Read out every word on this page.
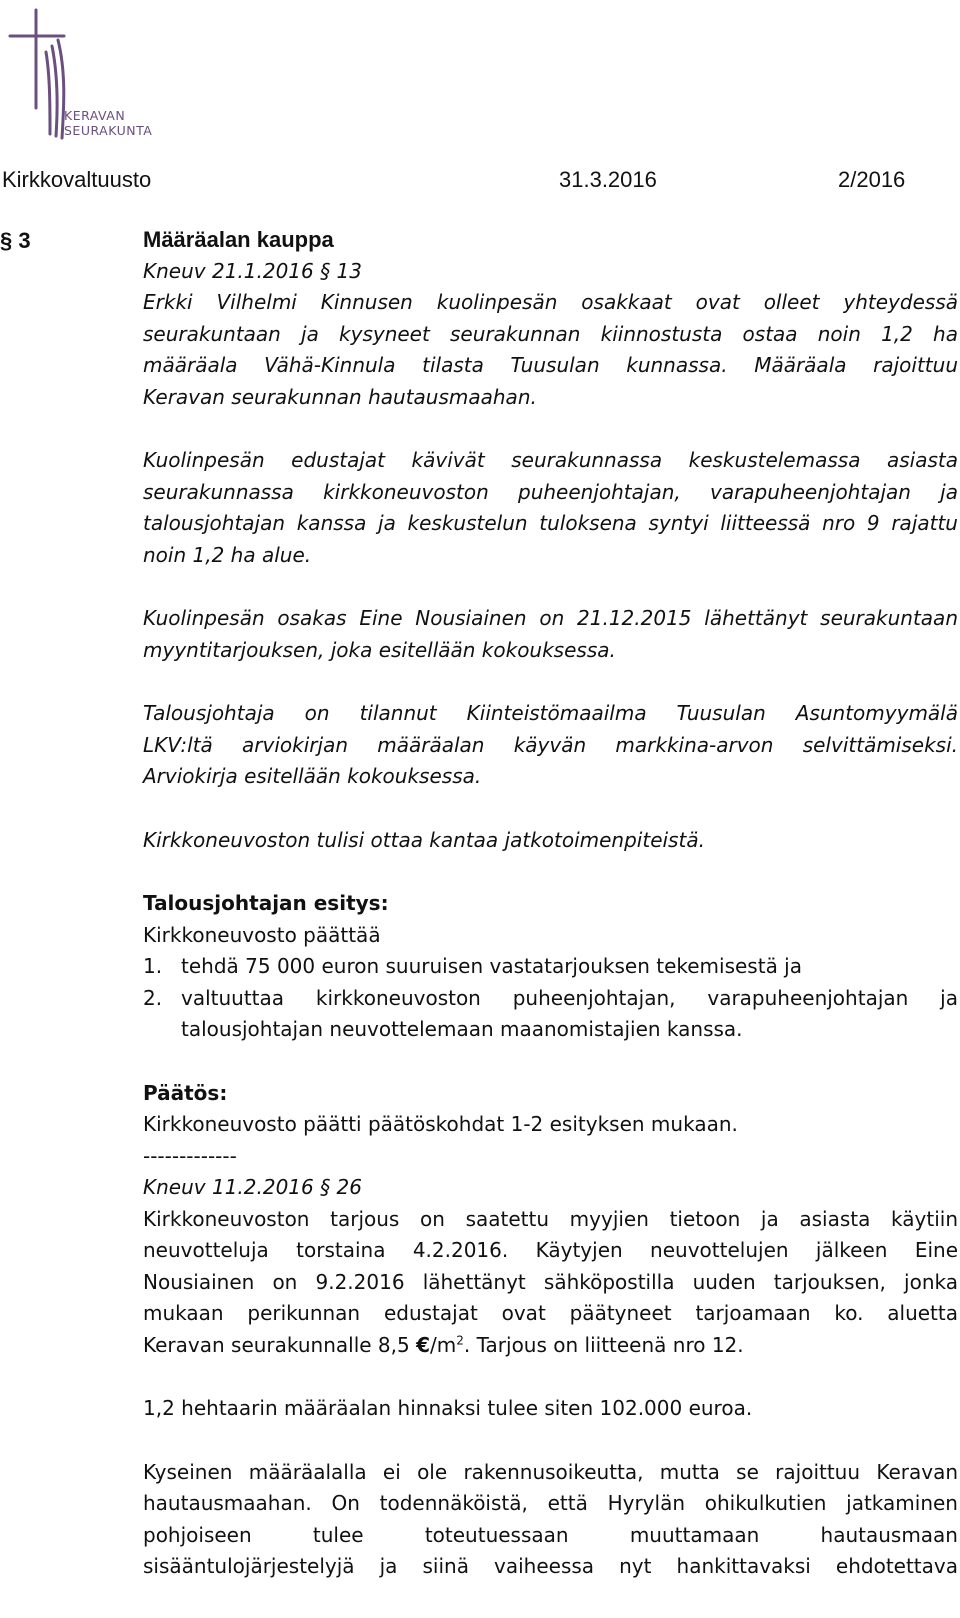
KERAVAN
SEURAKUNTA
Kirkkovaltuusto	31.3.2016	2/2016
§ 3	Määräalan kauppa
Kneuv 21.1.2016 § 13
Erkki Vilhelmi Kinnusen kuolinpesän osakkaat ovat olleet yhteydessä
seurakuntaan ja kysyneet seurakunnan kiinnostusta ostaa noin 1,2 ha
määräala Vähä-Kinnula tilasta Tuusulan kunnassa. Määräala rajoittuu
Keravan seurakunnan hautausmaahan.
Kuolinpesän edustajat kävivät seurakunnassa keskustelemassa asiasta
seurakunnassa kirkkoneuvoston puheenjohtajan, varapuheenjohtajan ja
talousjohtajan kanssa ja keskustelun tuloksena syntyi liitteessä nro 9 rajattu
noin 1,2 ha alue.
Kuolinpesän osakas Eine Nousiainen on 21.12.2015 lähettänyt seurakuntaan
myyntitarjouksen, joka esitellään kokouksessa.
Talousjohtaja on tilannut Kiinteistömaailma Tuusulan Asuntomyymälä
LKV:ltä arviokirjan määräalan käyvän markkina-arvon selvittämiseksi.
Arviokirja esitellään kokouksessa.
Kirkkoneuvoston tulisi ottaa kantaa jatkotoimenpiteistä.
Talousjohtajan esitys:
Kirkkoneuvosto päättää
1. tehdä 75 000 euron suuruisen vastatarjouksen tekemisestä ja
2. valtuuttaa kirkkoneuvoston puheenjohtajan, varapuheenjohtajan ja
talousjohtajan neuvottelemaan maanomistajien kanssa.
Päätös:
Kirkkoneuvosto päätti päätöskohdat 1-2 esityksen mukaan.
-------------
Kneuv 11.2.2016 § 26
Kirkkoneuvoston tarjous on saatettu myyjien tietoon ja asiasta käytiin
neuvotteluja torstaina 4.2.2016. Käytyjen neuvottelujen jälkeen Eine
Nousiainen on 9.2.2016 lähettänyt sähköpostilla uuden tarjouksen, jonka
mukaan perikunnan edustajat ovat päätyneet tarjoamaan ko. aluetta
Keravan seurakunnalle 8,5 $€/m^2$. Tarjous on liitteenä nro 12.
1,2 hehtaarin määräalan hinnaksi tulee siten 102.000 euroa.
Kyseinen määräalalla ei ole rakennusoikeutta, mutta se rajoittuu Keravan
hautausmaahan. On todennäköistä, että Hyrylän ohikulkutien jatkaminen
pohjoiseen tulee toteutuessaan muuttamaan hautausmaan
sisääntulojärjestelyjä ja siinä vaiheessa nyt hankittavaksi ehdotettava
